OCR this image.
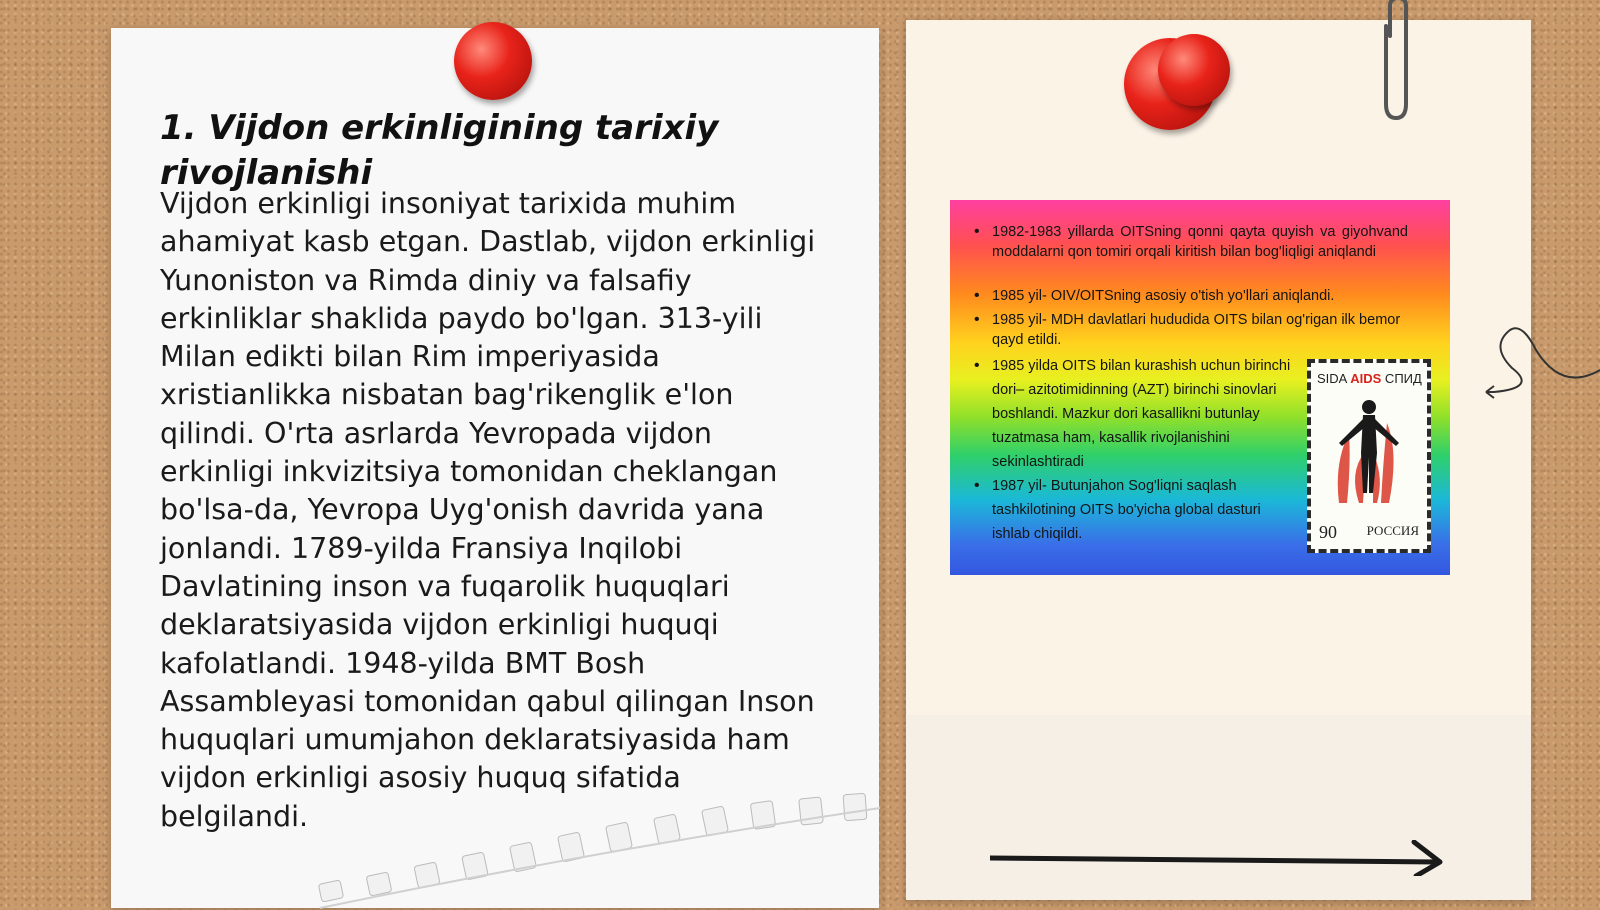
1. Vijdon erkinligining tarixiy rivojlanishi

Vijdon erkinligi insoniyat tarixida muhim ahamiyat kasb etgan. Dastlab, vijdon erkinligi Yunoniston va Rimda diniy va falsafiy erkinliklar shaklida paydo bo'lgan. 313-yili Milan edikti bilan Rim imperiyasida xristianlikka nisbatan bag'rikenglik e'lon qilindi. O'rta asrlarda Yevropada vijdon erkinligi inkvizitsiya tomonidan cheklangan bo'lsa-da, Yevropa Uyg'onish davrida yana jonlandi. 1789-yilda Fransiya Inqilobi Davlatining inson va fuqarolik huquqlari deklaratsiyasida vijdon erkinligi huquqi kafolatlandi. 1948-yilda BMT Bosh Assambleyasi tomonidan qabul qilingan Inson huquqlari umumjahon deklaratsiyasida ham vijdon erkinligi asosiy huquq sifatida belgilandi.

• 1982-1983 yillarda OITSning qonni qayta quyish va giyohvand moddalarni qon tomiri orqali kiritish bilan bog'liqligi aniqlandi
• 1985 yil- OIV/OITSning asosiy o'tish yo'llari aniqlandi.
• 1985 yil- MDH davlatlari hududida OITS bilan og'rigan ilk bemor qayd etildi.
• 1985 yilda OITS bilan kurashish uchun birinchi dori– azitotimidinning (AZT) birinchi sinovlari boshlandi. Mazkur dori kasallikni butunlay tuzatmasa ham, kasallik rivojlanishini sekinlashtiradi
• 1987 yil- Butunjahon Sog'liqni saqlash tashkilotining OITS bo'yicha global dasturi ishlab chiqildi.
SIDA AIDS СПИД
90 РОССИЯ
